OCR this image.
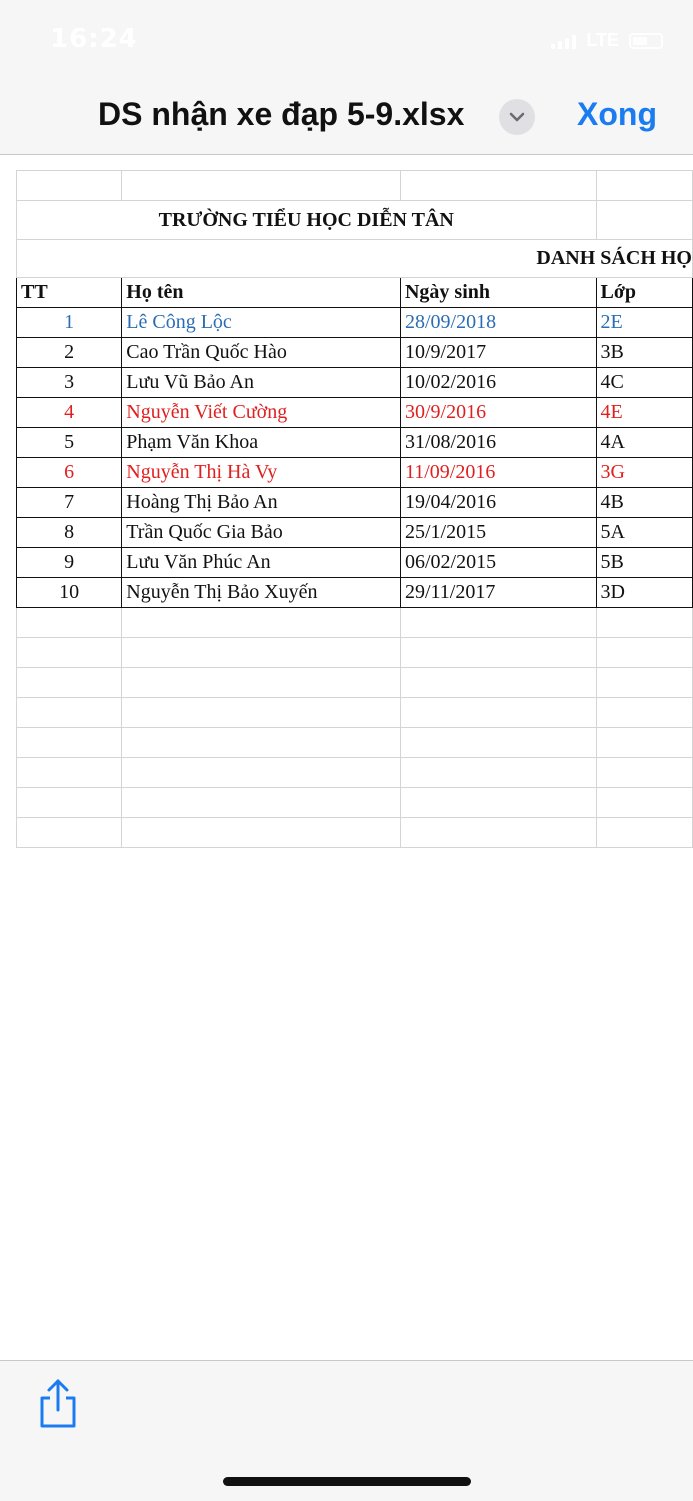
16:24	LTE
DS nhận xe đạp 5-9.xlsx	Xong

TRƯỜNG TIỂU HỌC DIỄN TÂN			
DANH SÁCH HỌ			
TT	Họ tên	Ngày sinh	Lớp
1	Lê Công Lộc	28/09/2018	2E
2	Cao Trần Quốc Hào	10/9/2017	3B
3	Lưu Vũ Bảo An	10/02/2016	4C
4	Nguyễn Viết Cường	30/9/2016	4E
5	Phạm Văn Khoa	31/08/2016	4A
6	Nguyễn Thị Hà Vy	11/09/2016	3G
7	Hoàng Thị Bảo An	19/04/2016	4B
8	Trần Quốc Gia Bảo	25/1/2015	5A
9	Lưu Văn Phúc An	06/02/2015	5B
10	Nguyễn Thị Bảo Xuyến	29/11/2017	3D
